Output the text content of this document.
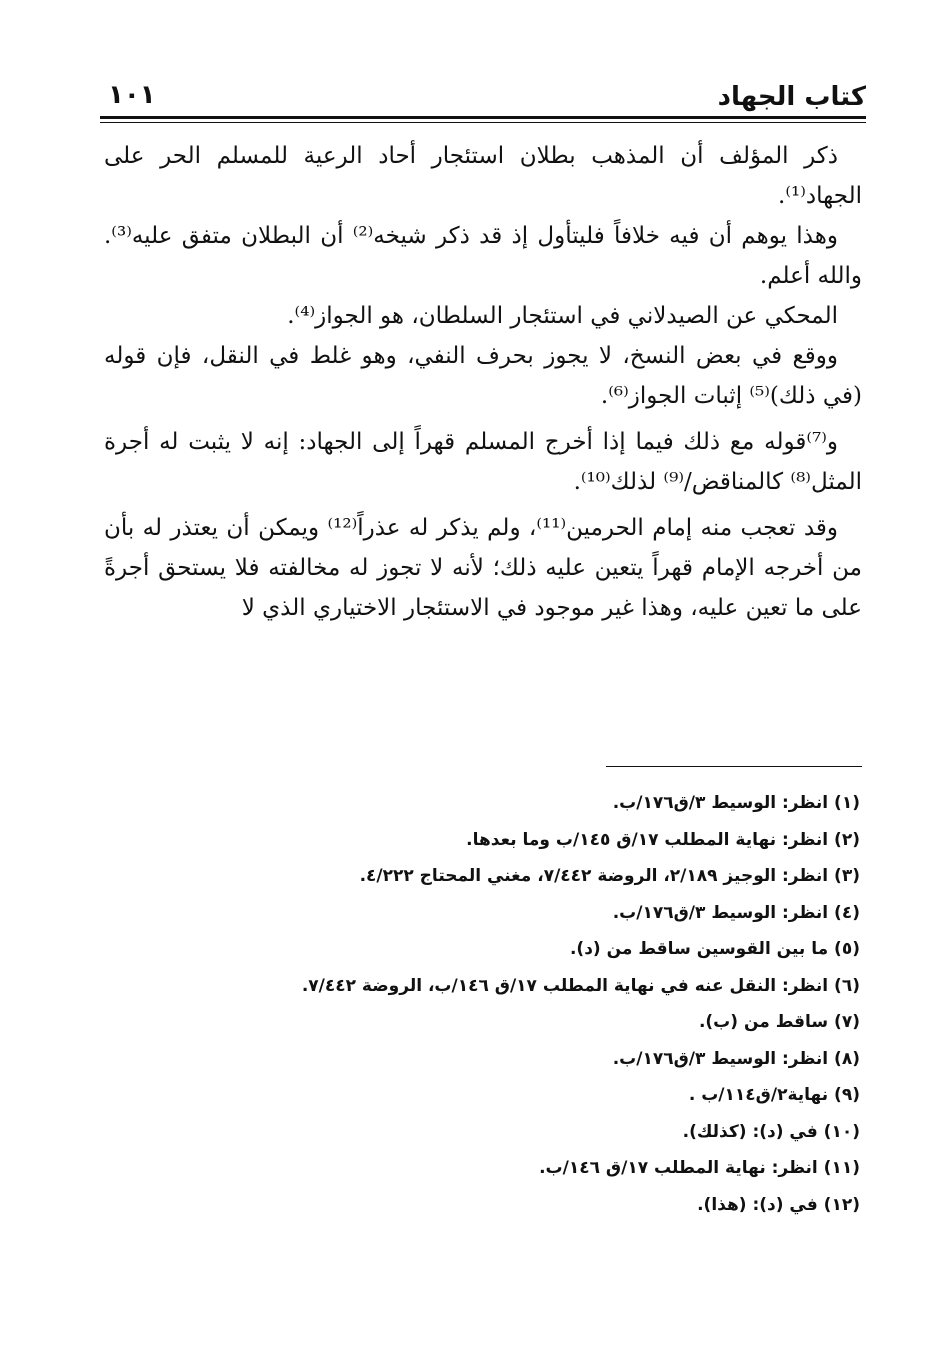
كتاب الجهاد
١٠١

ذكر المؤلف أن المذهب بطلان استئجار أحاد الرعية للمسلم الحر على الجهاد⁽¹⁾.

وهذا يوهم أن فيه خلافاً فليتأول إذ قد ذكر شيخه⁽²⁾ أن البطلان متفق عليه⁽³⁾. والله أعلم.

المحكي عن الصيدلاني في استئجار السلطان، هو الجواز⁽⁴⁾.

ووقع في بعض النسخ، لا يجوز بحرف النفي، وهو غلط في النقل، فإن قوله (في ذلك)⁽⁵⁾ إثبات الجواز⁽⁶⁾.

و⁽⁷⁾قوله مع ذلك فيما إذا أخرج المسلم قهراً إلى الجهاد: إنه لا يثبت له أجرة المثل⁽⁸⁾ كالمناقض/⁽⁹⁾ لذلك⁽¹⁰⁾.

وقد تعجب منه إمام الحرمين⁽¹¹⁾، ولم يذكر له عذراً⁽¹²⁾ ويمكن أن يعتذر له بأن من أخرجه الإمام قهراً يتعين عليه ذلك؛ لأنه لا تجوز له مخالفته فلا يستحق أجرةً على ما تعين عليه، وهذا غير موجود في الاستئجار الاختياري الذي لا

(١) انظر: الوسيط ٣/ق١٧٦/ب.
(٢) انظر: نهاية المطلب ١٧/ق ١٤٥/ب وما بعدها.
(٣) انظر: الوجيز ٢/١٨٩، الروضة ٧/٤٤٢، مغني المحتاج ٤/٢٢٢.
(٤) انظر: الوسيط ٣/ق١٧٦/ب.
(٥) ما بين القوسين ساقط من (د).
(٦) انظر: النقل عنه في نهاية المطلب ١٧/ق ١٤٦/ب، الروضة ٧/٤٤٢.
(٧) ساقط من (ب).
(٨) انظر: الوسيط ٣/ق١٧٦/ب.
(٩) نهاية٢/ق١١٤/ب .
(١٠) في (د): (كذلك).
(١١) انظر: نهاية المطلب ١٧/ق ١٤٦/ب.
(١٢) في (د): (هذا).
